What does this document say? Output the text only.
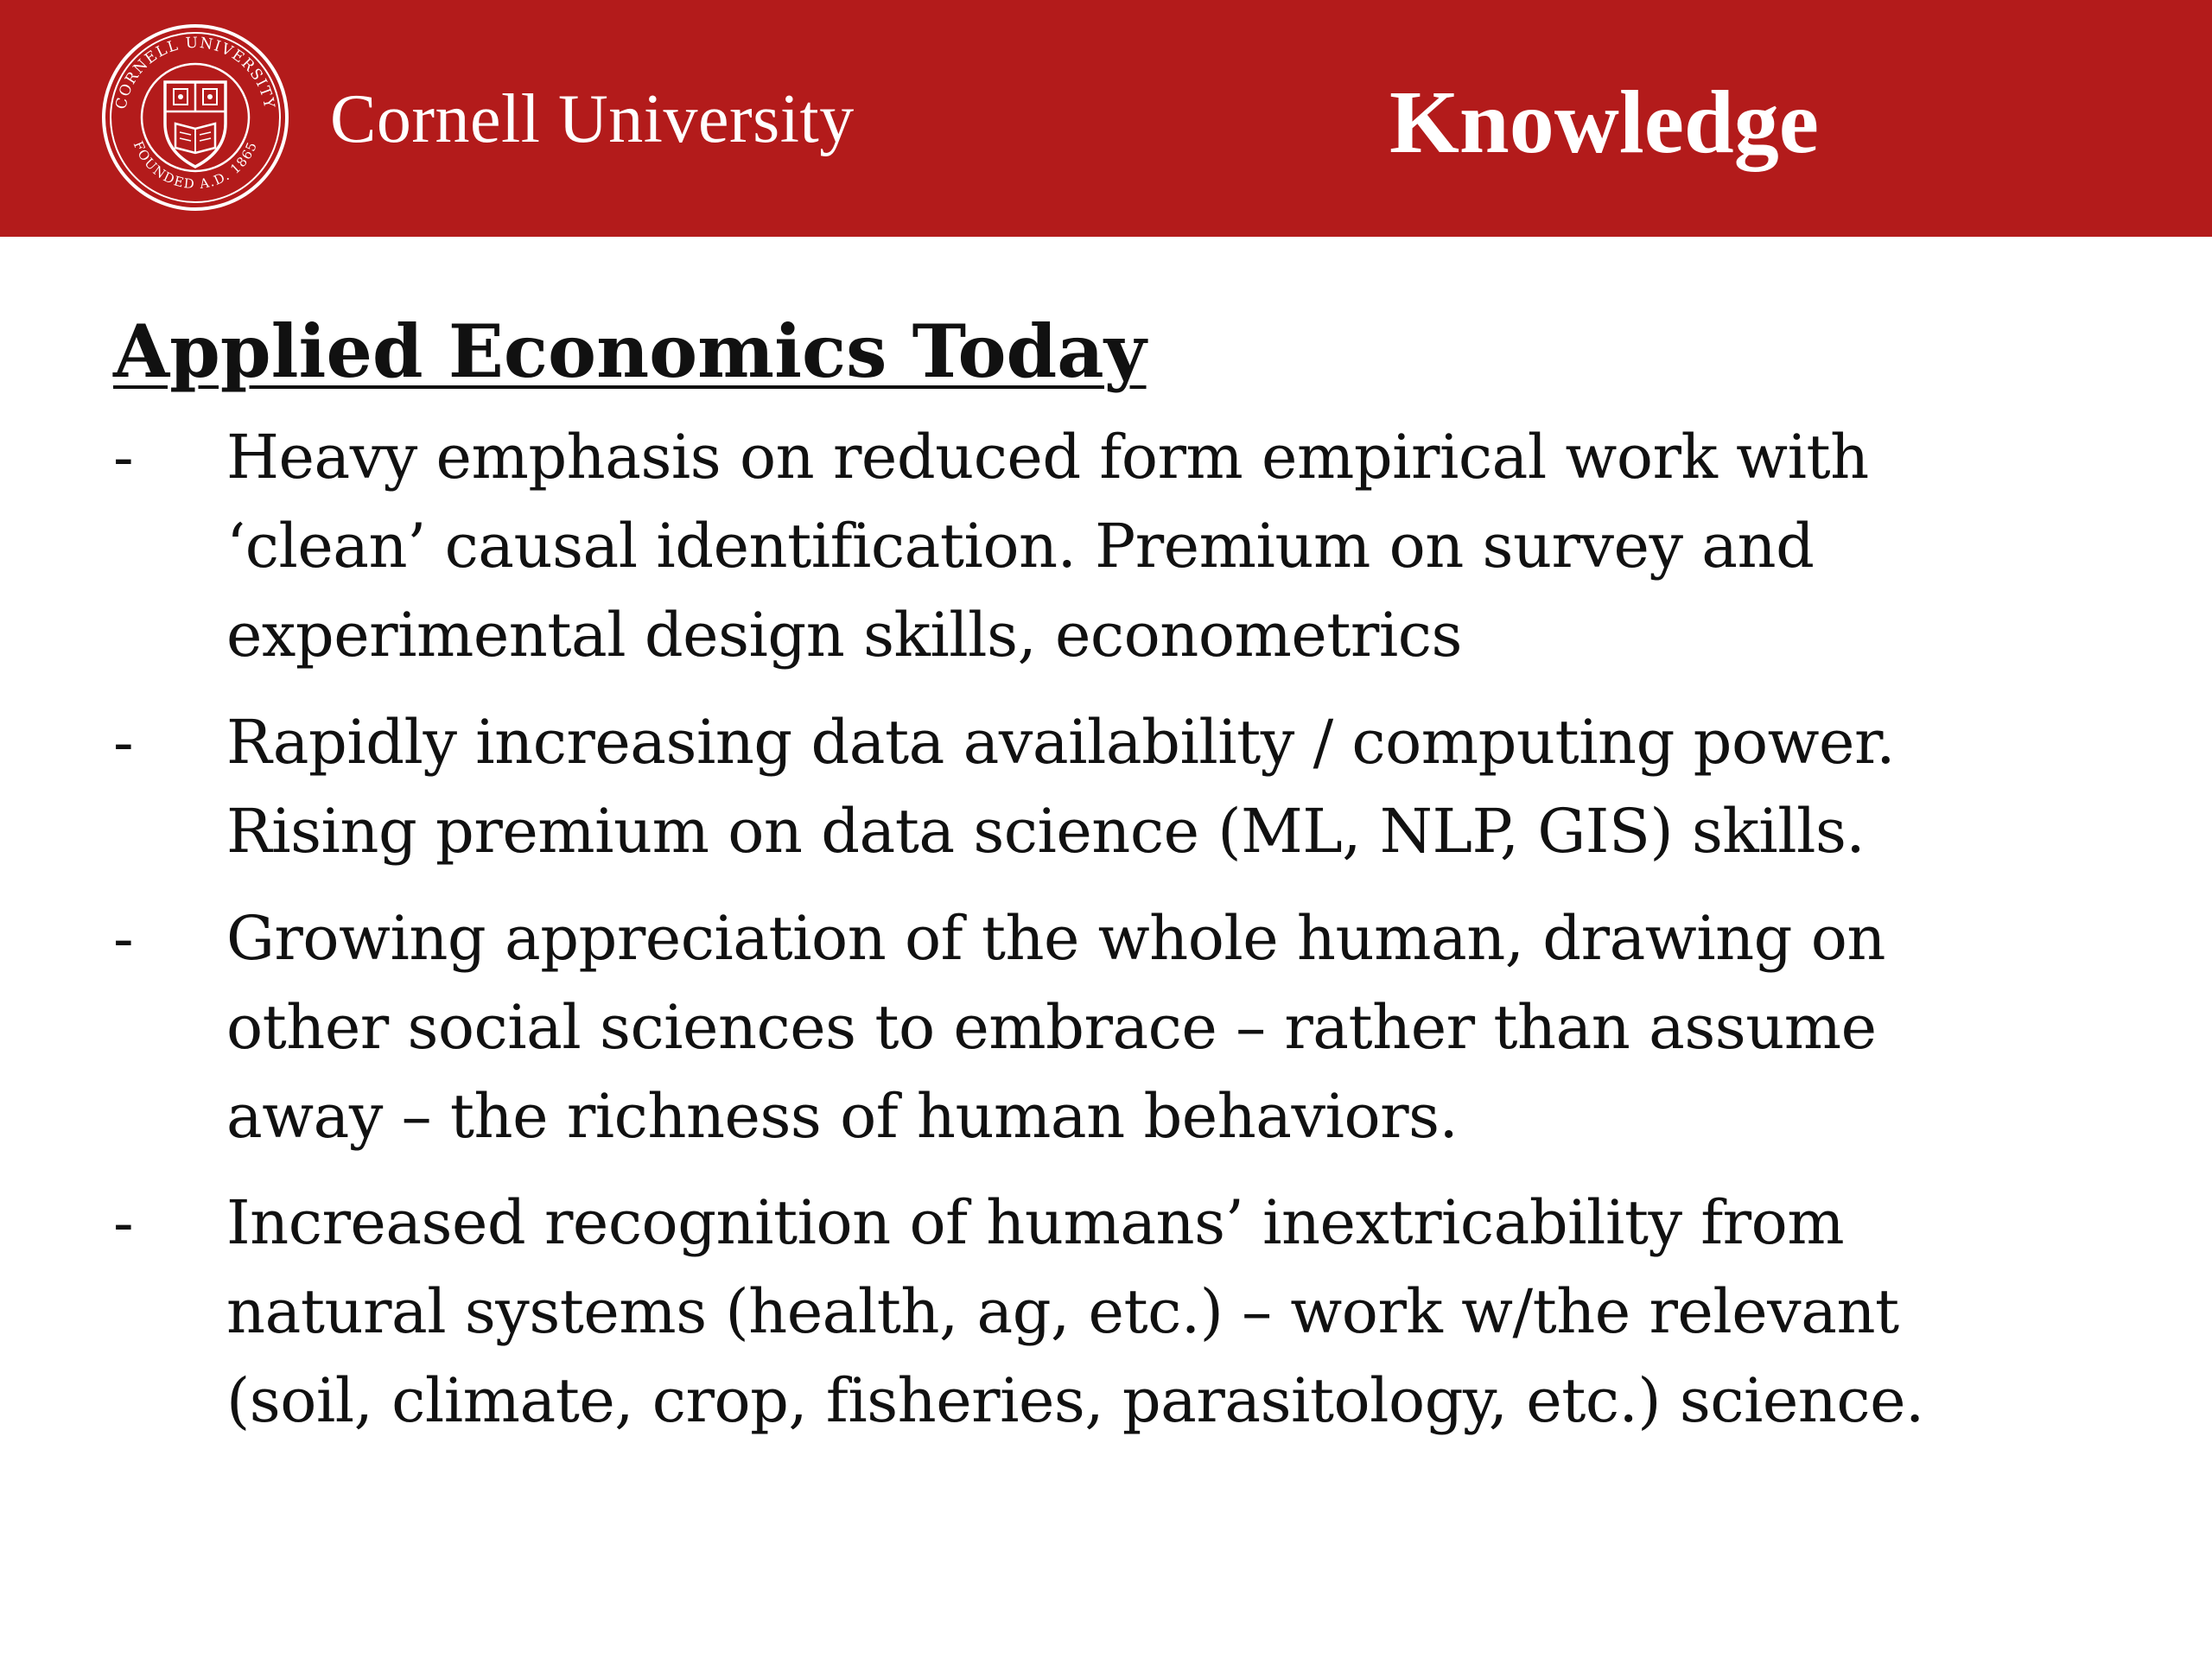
CORNELL UNIVERSITY
FOUNDED A.D. 1865 Cornell University	Knowledge
Applied Economics Today
- Heavy emphasis on reduced form empirical work with
‘clean’ causal identification. Premium on survey and
experimental design skills, econometrics
- Rapidly increasing data availability / computing power.
Rising premium on data science (ML, NLP, GIS) skills.
- Growing appreciation of the whole human, drawing on
other social sciences to embrace – rather than assume
away – the richness of human behaviors.
- Increased recognition of humans’ inextricability from
natural systems (health, ag, etc.) – work w/the relevant
(soil, climate, crop, fisheries, parasitology, etc.) science.
